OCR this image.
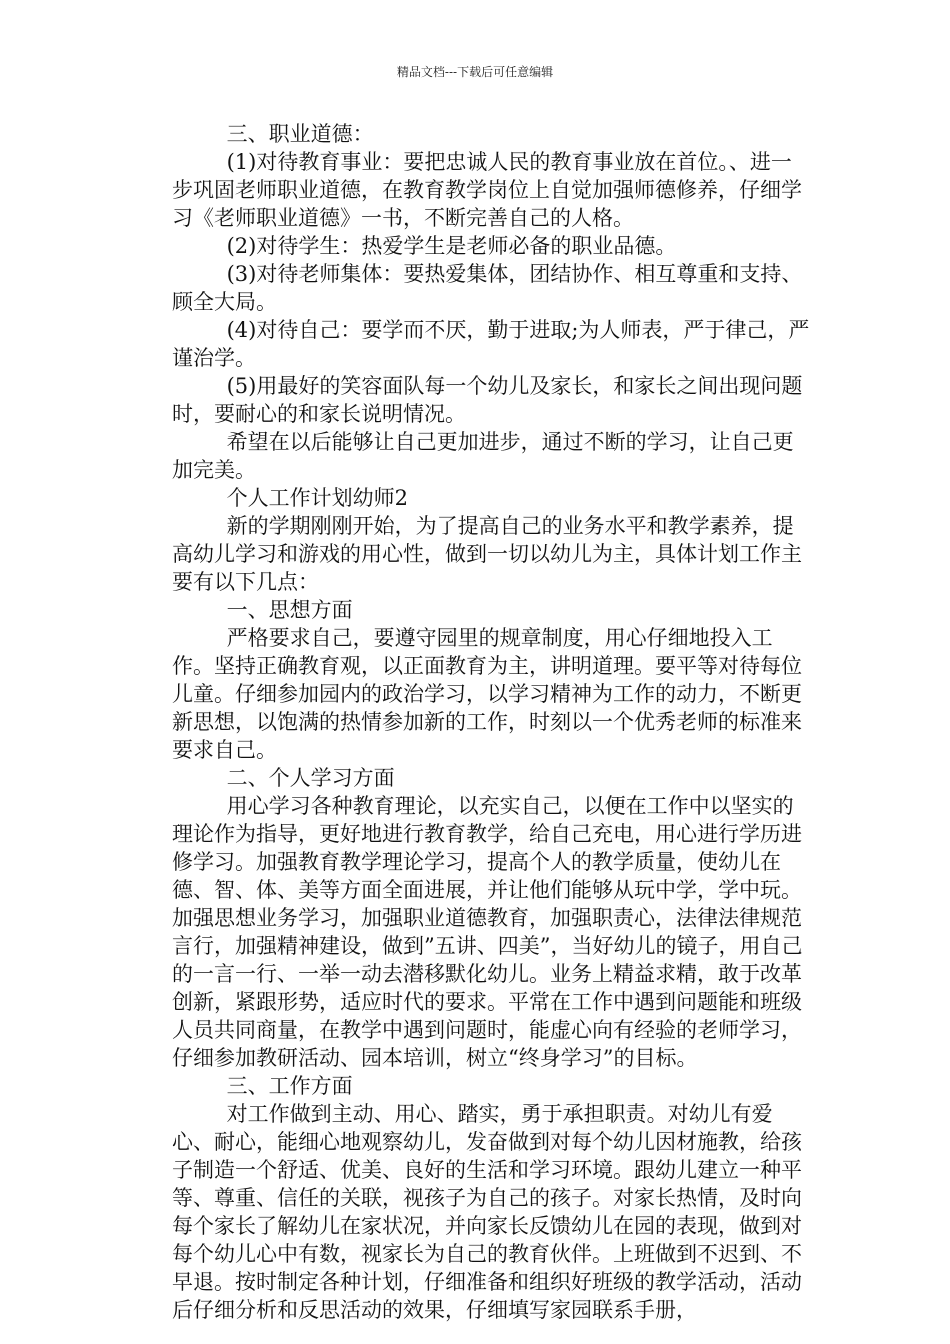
精品文档---下载后可任意编辑

三、职业道德：

(1)对待教育事业：要把忠诚人民的教育事业放在首位。、进一步巩固老师职业道德，在教育教学岗位上自觉加强师德修养，仔细学习《老师职业道德》一书，不断完善自己的人格。

(2)对待学生：热爱学生是老师必备的职业品德。

(3)对待老师集体：要热爱集体，团结协作、相互尊重和支持、顾全大局。

(4)对待自己：要学而不厌，勤于进取;为人师表，严于律己，严谨治学。

(5)用最好的笑容面队每一个幼儿及家长，和家长之间出现问题时，要耐心的和家长说明情况。

希望在以后能够让自己更加进步，通过不断的学习，让自己更加完美。

个人工作计划幼师2

新的学期刚刚开始，为了提高自己的业务水平和教学素养，提高幼儿学习和游戏的用心性，做到一切以幼儿为主，具体计划工作主要有以下几点：

一、思想方面

严格要求自己，要遵守园里的规章制度，用心仔细地投入工作。坚持正确教育观，以正面教育为主，讲明道理。要平等对待每位儿童。仔细参加园内的政治学习，以学习精神为工作的动力，不断更新思想，以饱满的热情参加新的工作，时刻以一个优秀老师的标准来要求自己。

二、个人学习方面

用心学习各种教育理论，以充实自己，以便在工作中以坚实的理论作为指导，更好地进行教育教学，给自己充电，用心进行学历进修学习。加强教育教学理论学习，提高个人的教学质量，使幼儿在德、智、体、美等方面全面进展，并让他们能够从玩中学，学中玩。加强思想业务学习，加强职业道德教育，加强职责心，法律法律规范言行，加强精神建设，做到”五讲、四美”，当好幼儿的镜子，用自己的一言一行、一举一动去潜移默化幼儿。业务上精益求精，敢于改革创新，紧跟形势，适应时代的要求。平常在工作中遇到问题能和班级人员共同商量，在教学中遇到问题时，能虚心向有经验的老师学习，仔细参加教研活动、园本培训，树立“终身学习”的目标。

三、工作方面

对工作做到主动、用心、踏实，勇于承担职责。对幼儿有爱心、耐心，能细心地观察幼儿，发奋做到对每个幼儿因材施教，给孩子制造一个舒适、优美、良好的生活和学习环境。跟幼儿建立一种平等、尊重、信任的关联，视孩子为自己的孩子。对家长热情，及时向每个家长了解幼儿在家状况，并向家长反馈幼儿在园的表现，做到对每个幼儿心中有数，视家长为自己的教育伙伴。上班做到不迟到、不早退。按时制定各种计划，仔细准备和组织好班级的教学活动，活动后仔细分析和反思活动的效果，仔细填写家园联系手册，
